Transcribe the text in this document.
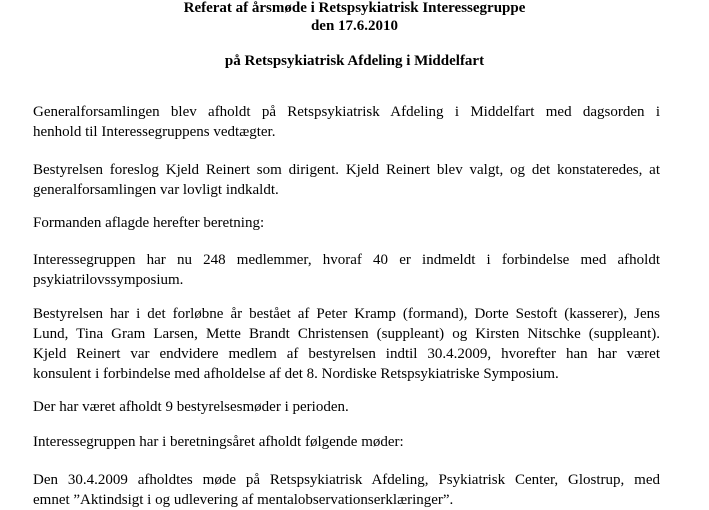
Referat af årsmøde i Retspsykiatrisk Interessegruppe
den 17.6.2010
på Retspsykiatrisk Afdeling i Middelfart
Generalforsamlingen blev afholdt på Retspsykiatrisk Afdeling i Middelfart med dagsorden i
henhold til Interessegruppens vedtægter.
Bestyrelsen foreslog Kjeld Reinert som dirigent. Kjeld Reinert blev valgt, og det konstateredes, at
generalforsamlingen var lovligt indkaldt.
Formanden aflagde herefter beretning:
Interessegruppen har nu 248 medlemmer, hvoraf 40 er indmeldt i forbindelse med afholdt
psykiatrilovssymposium.
Bestyrelsen har i det forløbne år bestået af Peter Kramp (formand), Dorte Sestoft (kasserer), Jens
Lund, Tina Gram Larsen, Mette Brandt Christensen (suppleant) og Kirsten Nitschke (suppleant).
Kjeld Reinert var endvidere medlem af bestyrelsen indtil 30.4.2009, hvorefter han har været
konsulent i forbindelse med afholdelse af det 8. Nordiske Retspsykiatriske Symposium.
Der har været afholdt 9 bestyrelsesmøder i perioden.
Interessegruppen har i beretningsåret afholdt følgende møder:
Den 30.4.2009 afholdtes møde på Retspsykiatrisk Afdeling, Psykiatrisk Center, Glostrup, med
emnet ”Aktindsigt i og udlevering af mentalobservationserklæringer”.
